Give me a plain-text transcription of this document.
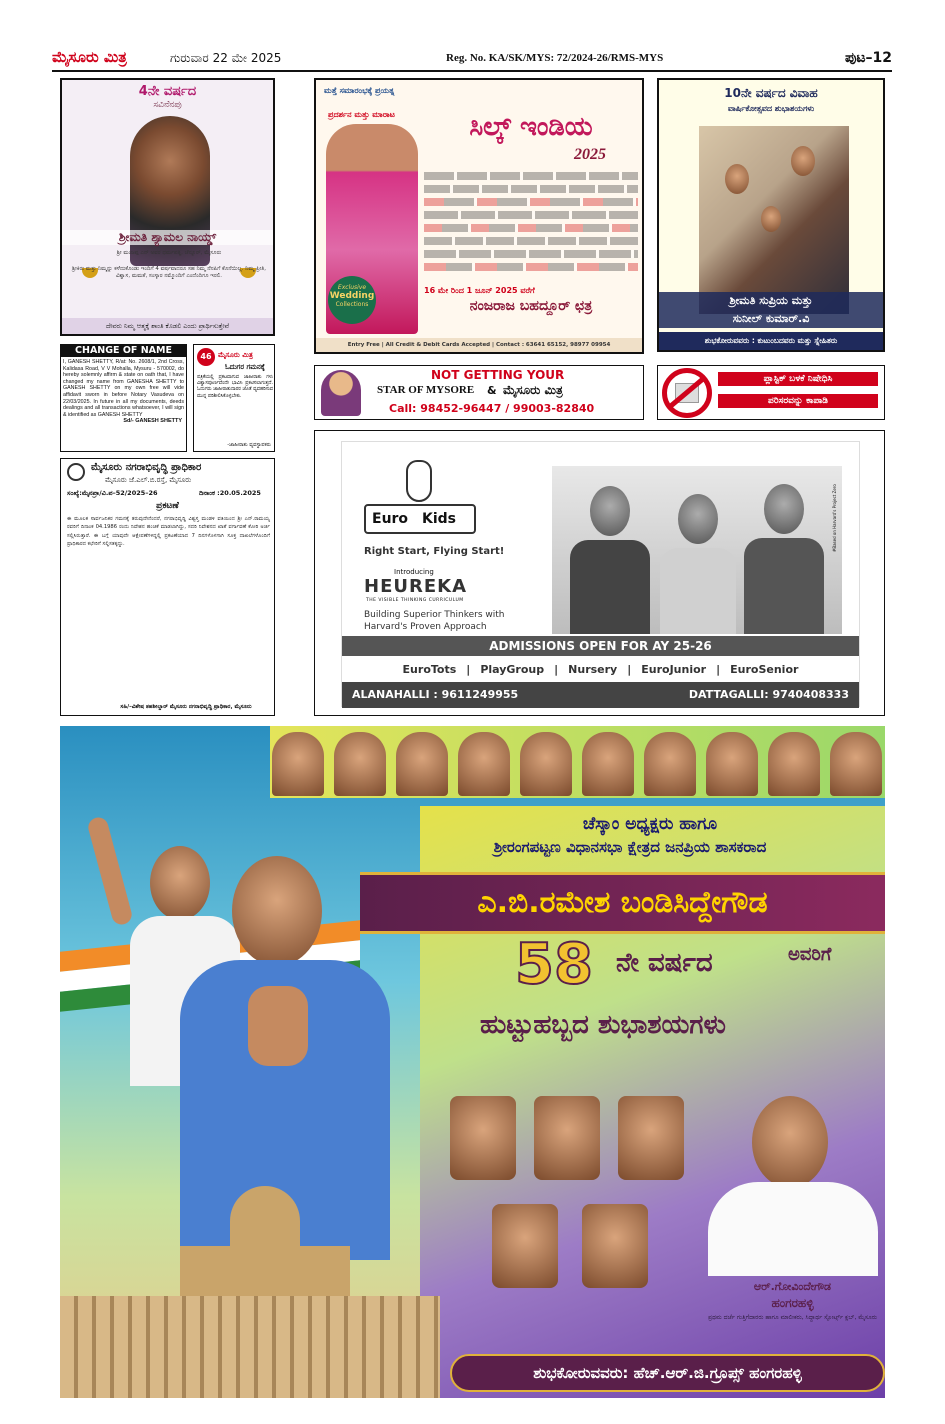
ಮೈಸೂರು ಮಿತ್ರ	ಗುರುವಾರ 22 ಮೇ 2025	Reg. No. KA/SK/MYS: 72/2024-26/RMS-MYS	ಪುಟ–12
4ನೇ ವರ್ಷದ
ಸವಿನೆನಪು
ಶ್ರೀಮತಿ ಶ್ಯಾಮಲ ನಾಯ್ಡ್
ಶ್ರೀ ಮಂಜಪ್ಪ ಎನ್ ಅವರ ಧರ್ಮಪತ್ನಿ, ಚೆನ್ನೂರ್, ಮೈಸೂರು
ಶ್ರೀಕಿರು ಮತ್ತು ನಿಮ್ಮನ್ನು ಕಳೆದುಕೊಂಡು ಇಂದಿಗೆ 4 ವರ್ಷವಾದರೂ ಸಹ ನಿಮ್ಮ ನೆನಪಿಗೆ ಕೊನೆಯಿಲ್ಲ. ನಿಮ್ಮ ಪ್ರೀತಿ, ವಿಶ್ವಾಸ, ಮಮತೆ, ಸಂಸ್ಕಾರ ನಮ್ಮೊಂದಿಗೆ ಎಂದೆಂದಿಗೂ ಇರಲಿ.
ದೇವರು ನಿಮ್ಮ ಆತ್ಮಕ್ಕೆ ಶಾಂತಿ ಕೊಡಲಿ ಎಂದು ಪ್ರಾರ್ಥಿಸುತ್ತೇವೆ
ಮತ್ತೆ ಸಮಾರಂಭಕ್ಕೆ ಪ್ರಯತ್ನ
ಪ್ರದರ್ಶನ ಮತ್ತು ಮಾರಾಟ
Exclusive
Wedding
Collections
ಸಿಲ್ಕ್ ಇಂಡಿಯ
2025
16 ಮೇ ರಿಂದ 1 ಜೂನ್ 2025 ವರೆಗೆ
ನಂಜರಾಜ ಬಹದ್ದೂರ್ ಛತ್ರ
Entry Free | All Credit & Debit Cards Accepted | Contact : 63641 65152, 98977 09954
10ನೇ ವರ್ಷದ ವಿವಾಹ
ವಾರ್ಷಿಕೋತ್ಸವದ ಶುಭಾಶಯಗಳು
ಶ್ರೀಮತಿ ಸುಪ್ರಿಯ ಮತ್ತು
ಸುನೀಲ್ ಕುಮಾರ್.ವಿ
ಶುಭಕೋರುವವರು : ಕುಟುಂಬದವರು ಮತ್ತು ಸ್ನೇಹಿತರು
CHANGE OF NAME
I, GANESH SHETTY, R/at: No. 2608/1, 2nd Cross, Kalidasa Road, V V Mohalla, Mysuru - 570002, do hereby solemnly affirm & state on oath that, I have changed my name from GANESHA SHETTY to GANESH SHETTY on my own free will vide affidavit sworn in before Notary Vasudeva on 22/03/2025. In future in all my documents, deeds dealings and all transactions whatsoever, I will sign & identified as GANESH SHETTY
Sd/- GANESH SHETTY
46 ಮೈಸೂರು ಮಿತ್ರ
ಓದುಗರ ಗಮನಕ್ಕೆ
ಪತ್ರಿಕೆಯಲ್ಲಿ ಪ್ರಕಟವಾಗುವ ಜಾಹೀರಾತು ಗಳು ವಿಶ್ವಾಸಪೂರ್ಣವೆಂದೇ ಭಾವಿಸಿ ಪ್ರಕಟಿಸಲಾಗುತ್ತದೆ. ಓದುಗರು ಜಾಹೀರಾತುದಾರರ ಜೊತೆ ವ್ಯವಹರಿಸುವ ಮುನ್ನ ಪರಿಶೀಲಿಸಿಕೊಳ್ಳಬೇಕು.
-ಜಾಹೀರಾತು ವ್ಯವಸ್ಥಾಪಕರು
ಮೈಸೂರು ನಗರಾಭಿವೃದ್ಧಿ ಪ್ರಾಧಿಕಾರ
ಮೈಸೂರು ಜೆ.ಎಲ್.ಬಿ.ರಸ್ತೆ, ಮೈಸೂರು
ಸಂಖ್ಯೆ:ಮೈನಪ್ರಾ/ವಿ.ಪ–52/2025–26	ದಿನಾಂಕ :20.05.2025
ಪ್ರಕಟಣೆ
ಈ ಮೂಲಕ ಸಾರ್ವಜನಿಕರ ಗಮನಕ್ಕೆ ತರುವುದೇನೆಂದರೆ, ನಗರಾಭಿವೃದ್ಧಿ ವಿಶ್ವಸ್ತ ಮಂಡಳಿ ವತಿಯಿಂದ ಶ್ರೀ ಎನ್.ರಾಮಯ್ಯ ರವರಿಗೆ ದಿನಾಂಕ 04.1986 ರಂದು ನಿವೇಶನ ಹಂಚಿಕೆ ಮಾಡಲಾಗಿದ್ದು, ಸದರಿ ನಿವೇಶನದ ಖಾತೆ ವರ್ಗಾವಣೆ ಕೋರಿ ಅರ್ಜಿ ಸಲ್ಲಿಸಿರುತ್ತಾರೆ. ಈ ಬಗ್ಗೆ ಯಾವುದೇ ಆಕ್ಷೇಪಣೆಗಳಿದ್ದಲ್ಲಿ ಪ್ರಕಟಣೆಯಾದ 7 ದಿನಗಳೊಳಗಾಗಿ ಸೂಕ್ತ ದಾಖಲೆಗಳೊಂದಿಗೆ ಪ್ರಾಧಿಕಾರದ ಕಛೇರಿಗೆ ಸಲ್ಲಿಸತಕ್ಕದ್ದು.
ಸಹಿ/–ವಿಶೇಷ ತಹಶೀಲ್ದಾರ್ ಮೈಸೂರು ನಗರಾಭಿವೃದ್ಧಿ ಪ್ರಾಧಿಕಾರ, ಮೈಸೂರು
NOT GETTING YOUR
STAR OF MYSORE & ಮೈಸೂರು ಮಿತ್ರ
Call: 98452-96447 / 99003-82840
ಪ್ಲಾಸ್ಟಿಕ್ ಬಳಕೆ ನಿಷೇಧಿಸಿ
ಪರಿಸರವನ್ನು ಕಾಪಾಡಿ
Euro Kids
Right Start, Flying Start!
Introducing
HEUREKA
THE VISIBLE THINKING CURRICULUM
Building Superior Thinkers with
Harvard's Proven Approach
#Based on Harvard's Project Zero
ADMISSIONS OPEN FOR AY 25-26
EuroTots | PlayGroup | Nursery | EuroJunior | EuroSenior
ALANAHALLI : 9611249955	DATTAGALLI: 9740408333
ಚೆಸ್ಕಾಂ ಅಧ್ಯಕ್ಷರು ಹಾಗೂ
ಶ್ರೀರಂಗಪಟ್ಟಣ ವಿಧಾನಸಭಾ ಕ್ಷೇತ್ರದ ಜನಪ್ರಿಯ ಶಾಸಕರಾದ
ಎ.ಬಿ.ರಮೇಶ ಬಂಡಿಸಿದ್ದೇಗೌಡ
58 ನೇ ವರ್ಷದ	ಅವರಿಗೆ
ಹುಟ್ಟುಹಬ್ಬದ ಶುಭಾಶಯಗಳು
ಆರ್.ಗೋವಿಂದೇಗೌಡ
ಹಂಗರಹಳ್ಳಿ
ಪ್ರಥಮ ದರ್ಜೆ ಗುತ್ತಿಗೆದಾರರು ಹಾಗೂ ಮಾಲೀಕರು, ಸಿದ್ಧಾರ್ಥ ಸ್ಪೋರ್ಟ್ಸ್ ಕ್ಲಬ್, ಮೈಸೂರು
ಶುಭಕೋರುವವರು: ಹೆಚ್.ಆರ್.ಜಿ.ಗ್ರೂಪ್ಸ್ ಹಂಗರಹಳ್ಳಿ
